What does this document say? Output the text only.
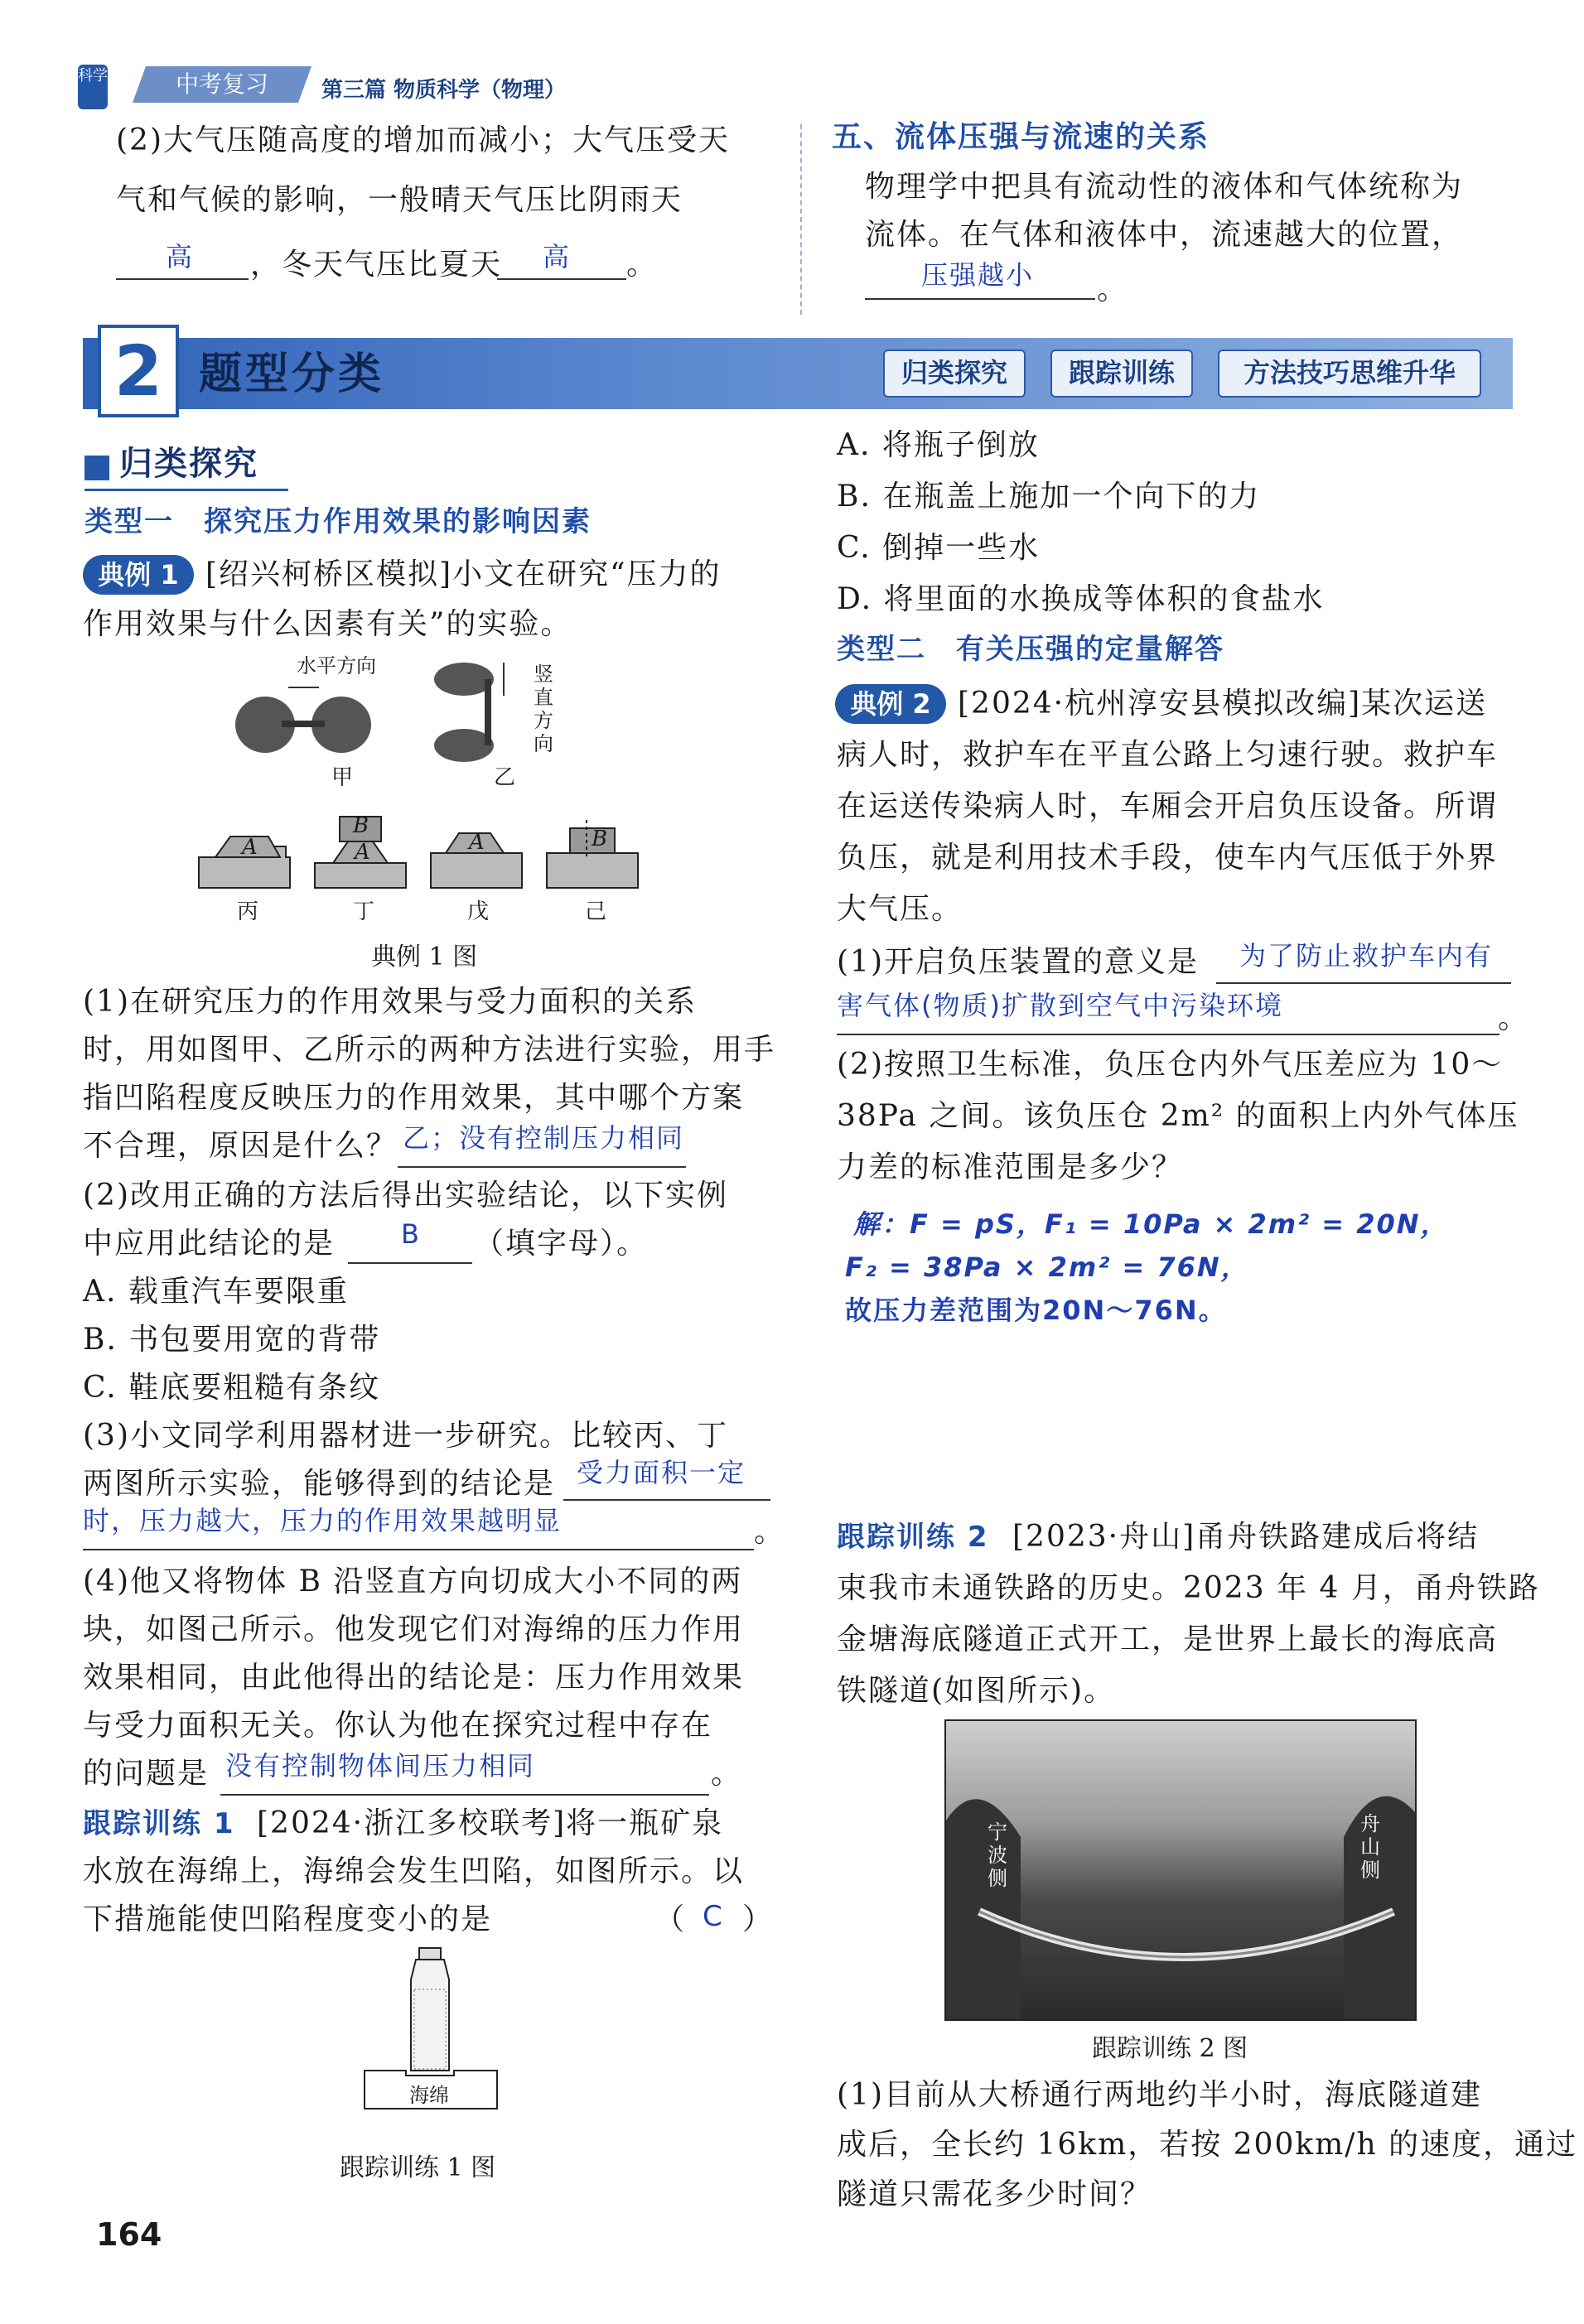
科学	中考复习	第三篇 物质科学（物理）
(2)大气压随高度的增加而减小；大气压受天
气和气候的影响，一般晴天气压比阴雨天
高 ，冬天气压比夏天 高 。
五、流体压强与流速的关系
物理学中把具有流动性的液体和气体统称为
流体。在气体和液体中，流速越大的位置，
压强越小 。
2 题型分类	归类探究	跟踪训练	方法技巧思维升华
归类探究
类型一　探究压力作用效果的影响因素
典例 1 [绍兴柯桥区模拟]小文在研究“压力的
作用效果与什么因素有关”的实验。
水平方向	竖直方向
甲	乙
A
B
A	A	B
丙	丁	戊	己
典例 1 图
(1)在研究压力的作用效果与受力面积的关系
时，用如图甲、乙所示的两种方法进行实验，用手
指凹陷程度反映压力的作用效果，其中哪个方案
不合理，原因是什么？ 乙；没有控制压力相同
(2)改用正确的方法后得出实验结论，以下实例
中应用此结论的是 B （填字母）。
A. 载重汽车要限重
B. 书包要用宽的背带
C. 鞋底要粗糙有条纹
(3)小文同学利用器材进一步研究。比较丙、丁
两图所示实验，能够得到的结论是 受力面积一定
时，压力越大，压力的作用效果越明显	。
(4)他又将物体 B 沿竖直方向切成大小不同的两
块，如图己所示。他发现它们对海绵的压力作用
效果相同，由此他得出的结论是：压力作用效果
与受力面积无关。你认为他在探究过程中存在
的问题是 没有控制物体间压力相同	。
跟踪训练 1 [2024·浙江多校联考]将一瓶矿泉
水放在海绵上，海绵会发生凹陷，如图所示。以
下措施能使凹陷程度变小的是	（ C ）
海绵
跟踪训练 1 图
A. 将瓶子倒放
B. 在瓶盖上施加一个向下的力
C. 倒掉一些水
D. 将里面的水换成等体积的食盐水
类型二　有关压强的定量解答
典例 2 [2024·杭州淳安县模拟改编]某次运送
病人时，救护车在平直公路上匀速行驶。救护车
在运送传染病人时，车厢会开启负压设备。所谓
负压，就是利用技术手段，使车内气压低于外界
大气压。
(1)开启负压装置的意义是 为了防止救护车内有
害气体(物质)扩散到空气中污染环境	。
(2)按照卫生标准，负压仓内外气压差应为 10～
38Pa 之间。该负压仓 2m² 的面积上内外气体压
力差的标准范围是多少？
解：F = pS，F₁ = 10Pa × 2m² = 20N，
F₂ = 38Pa × 2m² = 76N，
故压力差范围为20N～76N。
跟踪训练 2 [2023·舟山]甬舟铁路建成后将结
束我市未通铁路的历史。2023 年 4 月，甬舟铁路
金塘海底隧道正式开工，是世界上最长的海底高
铁隧道(如图所示)。
宁波侧
舟山侧
跟踪训练 2 图
(1)目前从大桥通行两地约半小时，海底隧道建
成后，全长约 16km，若按 200km/h 的速度，通过
隧道只需花多少时间？
164
